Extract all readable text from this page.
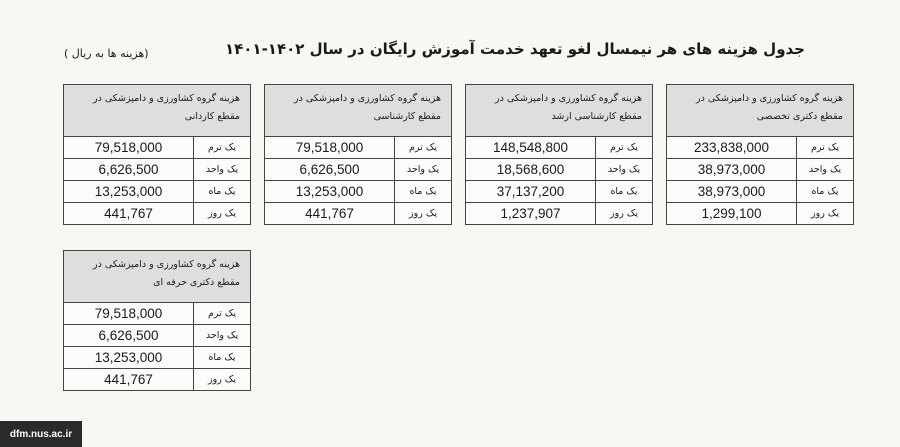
جدول هزینه های هر نیمسال لغو تعهد خدمت آموزش رایگان در سال ۱۴۰۲-۱۴۰۱
(هزینه ها به ریال )
هزینه گروه کشاورزی و دامپزشکی در مقطع دکتری تخصصی
یک ترم
233,838,000
یک واحد
38,973,000
یک ماه
38,973,000
یک روز
1,299,100
هزینه گروه کشاورزی و دامپزشکی در مقطع کارشناسی ارشد
یک ترم
148,548,800
یک واحد
18,568,600
یک ماه
37,137,200
یک روز
1,237,907
هزینه گروه کشاورزی و دامپزشکی در مقطع کارشناسی
یک ترم
79,518,000
یک واحد
6,626,500
یک ماه
13,253,000
یک روز
441,767
هزینه گروه کشاورزی و دامپزشکی در مقطع کاردانی
یک ترم
79,518,000
یک واحد
6,626,500
یک ماه
13,253,000
یک روز
441,767
هزینه گروه کشاورزی و دامپزشکی در مقطع دکتری حرفه ای
یک ترم
79,518,000
یک واحد
6,626,500
یک ماه
13,253,000
یک روز
441,767
dfm.nus.ac.ir
